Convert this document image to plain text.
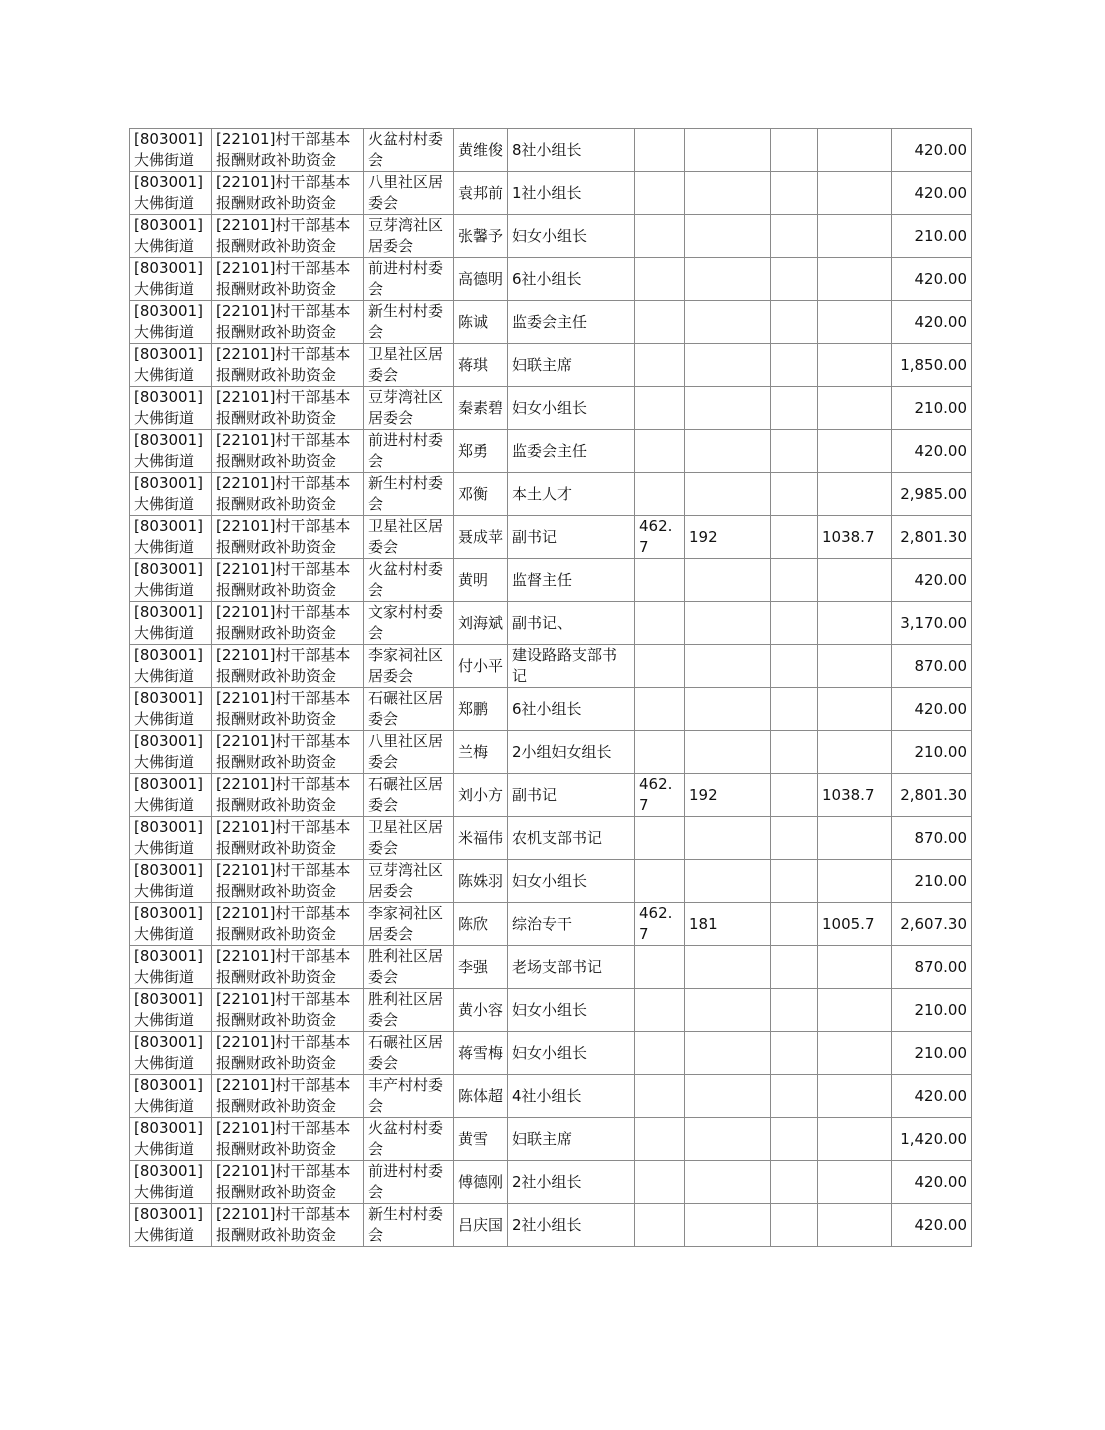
[803001]大佛街道	[22101]村干部基本报酬财政补助资金	火盆村村委会	黄维俊	8社小组长					420.00
[803001]大佛街道	[22101]村干部基本报酬财政补助资金	八里社区居委会	袁邦前	1社小组长					420.00
[803001]大佛街道	[22101]村干部基本报酬财政补助资金	豆芽湾社区居委会	张馨予	妇女小组长					210.00
[803001]大佛街道	[22101]村干部基本报酬财政补助资金	前进村村委会	高德明	6社小组长					420.00
[803001]大佛街道	[22101]村干部基本报酬财政补助资金	新生村村委会	陈诚	监委会主任					420.00
[803001]大佛街道	[22101]村干部基本报酬财政补助资金	卫星社区居委会	蒋琪	妇联主席					1,850.00
[803001]大佛街道	[22101]村干部基本报酬财政补助资金	豆芽湾社区居委会	秦素碧	妇女小组长					210.00
[803001]大佛街道	[22101]村干部基本报酬财政补助资金	前进村村委会	郑勇	监委会主任					420.00
[803001]大佛街道	[22101]村干部基本报酬财政补助资金	新生村村委会	邓衡	本土人才					2,985.00
[803001]大佛街道	[22101]村干部基本报酬财政补助资金	卫星社区居委会	聂成苹	副书记	462.7	192		1038.7	2,801.30
[803001]大佛街道	[22101]村干部基本报酬财政补助资金	火盆村村委会	黄明	监督主任					420.00
[803001]大佛街道	[22101]村干部基本报酬财政补助资金	文家村村委会	刘海斌	副书记、					3,170.00
[803001]大佛街道	[22101]村干部基本报酬财政补助资金	李家祠社区居委会	付小平	建设路路支部书记					870.00
[803001]大佛街道	[22101]村干部基本报酬财政补助资金	石碾社区居委会	郑鹏	6社小组长					420.00
[803001]大佛街道	[22101]村干部基本报酬财政补助资金	八里社区居委会	兰梅	2小组妇女组长					210.00
[803001]大佛街道	[22101]村干部基本报酬财政补助资金	石碾社区居委会	刘小方	副书记	462.7	192		1038.7	2,801.30
[803001]大佛街道	[22101]村干部基本报酬财政补助资金	卫星社区居委会	米福伟	农机支部书记					870.00
[803001]大佛街道	[22101]村干部基本报酬财政补助资金	豆芽湾社区居委会	陈姝羽	妇女小组长					210.00
[803001]大佛街道	[22101]村干部基本报酬财政补助资金	李家祠社区居委会	陈欣	综治专干	462.7	181		1005.7	2,607.30
[803001]大佛街道	[22101]村干部基本报酬财政补助资金	胜利社区居委会	李强	老场支部书记					870.00
[803001]大佛街道	[22101]村干部基本报酬财政补助资金	胜利社区居委会	黄小容	妇女小组长					210.00
[803001]大佛街道	[22101]村干部基本报酬财政补助资金	石碾社区居委会	蒋雪梅	妇女小组长					210.00
[803001]大佛街道	[22101]村干部基本报酬财政补助资金	丰产村村委会	陈体超	4社小组长					420.00
[803001]大佛街道	[22101]村干部基本报酬财政补助资金	火盆村村委会	黄雪	妇联主席					1,420.00
[803001]大佛街道	[22101]村干部基本报酬财政补助资金	前进村村委会	傅德刚	2社小组长					420.00
[803001]大佛街道	[22101]村干部基本报酬财政补助资金	新生村村委会	吕庆国	2社小组长					420.00
